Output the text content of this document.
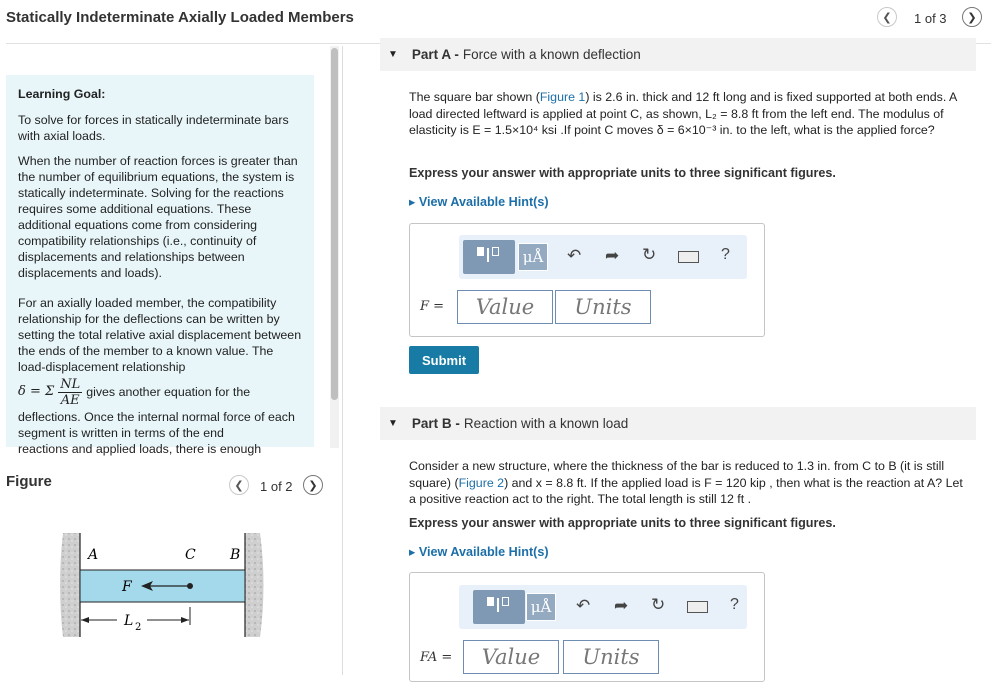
Statically Indeterminate Axially Loaded Members	❮ 1 of 3 ❯

Learning Goal:

To solve for forces in statically indeterminate bars with axial loads.

When the number of reaction forces is greater than the number of equilibrium equations, the system is statically indeterminate. Solving for the reactions requires some additional equations. These additional equations come from considering compatibility relationships (i.e., continuity of displacements and relationships between displacements and loads).

For an axially loaded member, the compatibility relationship for the deflections can be written by setting the total relative axial displacement between the ends of the member to a known value. The load-displacement relationship

δ = Σ $\frac{NL}{AE}$ gives another equation for the

deflections. Once the internal normal force of each segment is written in terms of the end

reactions and applied loads, there is enough

Figure	❮ 1 of 2 ❯
A	C B
F
L 2
▼ Part A - Force with a known deflection
The square bar shown (Figure 1) is 2.6 in. thick and 12 ft long and is fixed supported at both ends. A load directed leftward is applied at point C, as shown, L₂ = 8.8 ft from the left end. The modulus of elasticity is E = 1.5×10⁴ ksi .If point C moves δ = 6×10⁻³ in. to the left, what is the applied force?
Express your answer with appropriate units to three significant figures.
▸ View Available Hint(s)
μÅ ↶ ➦ ↻	?
F =	Value	Units
Submit
▼ Part B - Reaction with a known load
Consider a new structure, where the thickness of the bar is reduced to 1.3 in. from C to B (it is still square) (Figure 2) and x = 8.8 ft. If the applied load is F = 120 kip , then what is the reaction at A? Let a positive reaction act to the right. The total length is still 12 ft .
Express your answer with appropriate units to three significant figures.
▸ View Available Hint(s)
μÅ ↶ ➦ ↻	?
FA =	Value	Units
